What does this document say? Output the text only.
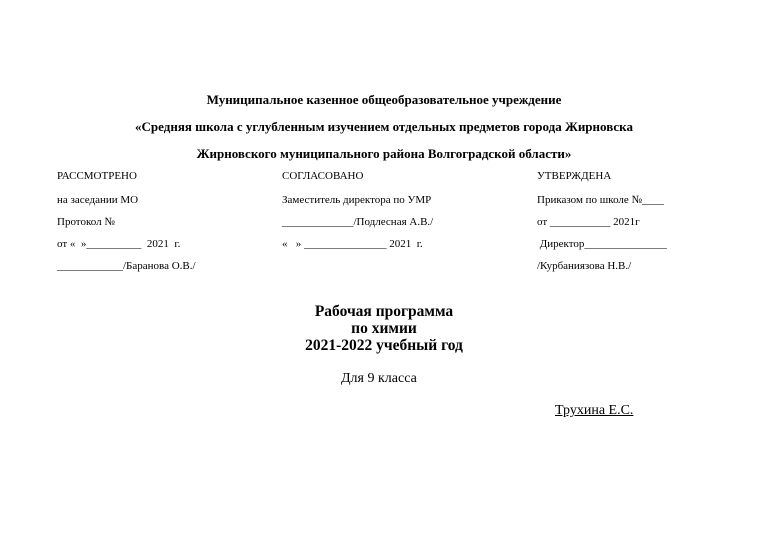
Муниципальное казенное общеобразовательное учреждение
«Средняя школа с углубленным изучением отдельных предметов города Жирновска
Жирновского муниципального района Волгоградской области»
РАССМОТРЕНО
на заседании МО
Протокол №
от «  »__________  2021  г.
____________/Баранова О.В./
СОГЛАСОВАНО
Заместитель директора по УМР
_____________/Подлесная А.В./
«   » _______________ 2021  г.
УТВЕРЖДЕНА
Приказом по школе №____
от ___________ 2021г
Директор_______________
/Курбаниязова Н.В./
Рабочая программа
по химии
2021-2022 учебный год
Для 9 класса
Трухина Е.С.
